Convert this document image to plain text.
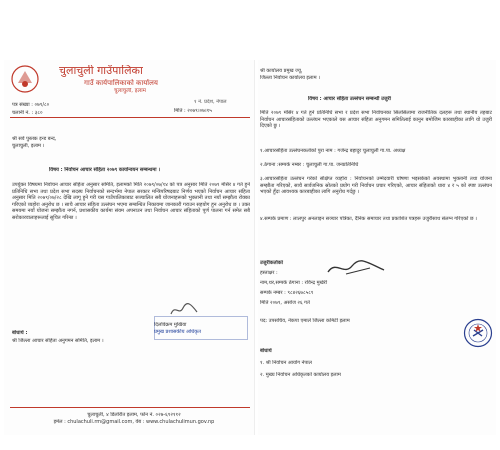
चुलाचुली गाउँपालिका
गाउँ कार्यपालिकाको कार्यालय
चुलाचुली, इलाम
१ नं. प्रदेश, नेपाल
पत्र संख्या : ०७९/८०
चलानी नं. : ३८०	मिति : २०७९।०७।१५
श्री सर्वे पुस्तक इन्ड बन्द,
चुलाचुली, इलाम ।
विषय : निर्वाचन आचार संहिता २०७९ कार्यान्वयन सम्बन्धमा ।
उपर्युक्त विषयमा निर्वाचन आचार संहिता अनुसार समिति, इलामको मिति २०७९/०७/१४ को पत्र अनुसार मिति २०७९ मंसिर ४ गते हुने प्रतिनिधि सभा तथा प्रदेश सभा सदस्य निर्वाचनको सन्दर्भमा नेपाल सरकार मन्त्रिपरिषदबाट निर्णय भएको निर्वाचन आचार संहिता अनुसार मिति २०७९/०७/२८ देखि लागू हुने गरी यस गाउँपालिकाबाट सञ्चालित सबै योजनाहरूको भुक्तानी तथा नयाँ सम्झौता रोक्का गरिएको व्यहोरा अनुरोध छ । साथै आचार संहिता उल्लंघन भएमा सम्बन्धित निकायमा जानकारी गराउन सहयोग हुन अनुरोध छ । उक्त समयमा नयाँ योजना सम्झौता नगर्न, प्रशासकीय कार्यमा संयम अपनाउन तथा निर्वाचन आचार संहिताको पूर्ण पालना गर्न समेत सबै सरोकारवालाहरूलाई सूचित गरिन्छ ।
दिलविक्रम मुखिया
प्रमुख प्रशासकीय अधिकृत
बोधार्थ :
श्री जिल्ला आचार संहिता अनुगमन समिति, इलाम ।
चुलाचुली, ४ डिलोरीत इलाम, फोन नं. ०२७-६९२११२
इमेल : chulachuli.rm@gmail.com, वेब : www.chulachulimun.gov.np
श्री कार्यालय प्रमुख ज्यू,
जिल्ला निर्वाचन कार्यालय इलाम ।
विषय : आचार संहिता उल्लंघन सम्बन्धी उजुरी
मिति २०७९ मंसिर ४ गते हुने प्रतिनिधि सभा र प्रदेश सभा निर्वाचनका सिलसिलामा राजनीतिक दलहरू तथा स्थानीय तहबाट निर्वाचन आचारसंहिताको उल्लंघन भएकाले यस आचार संहिता अनुगमन समितिलाई कानुन बमोजिम कारबाहीका लागि यो उजुरी दिएको छु ।
१.आचारसंहिता उल्लंघनकर्ताको पुरा नाम : गजेन्द्र बहादुर चुलाचुली गा.पा. अध्यक्ष
२.ठेगाना :सम्पर्क नम्बर : चुलाचुली गा.पा. जनप्रतिनिधि
३.आचारसंहिता उल्लंघन गरेको संक्षिप्त व्यहोरा : निर्वाचनको उम्मेदवारी घोषणा भइसकेको अवस्थामा भुक्तानी तथा योजना सम्झौता गरिएको, साथै सार्वजनिक स्रोतको प्रयोग गरी निर्वाचन प्रचार गरिएको, आचार संहिताको धारा ४ र ५ को स्पष्ट उल्लंघन भएको हुँदा आवश्यक कारबाहीका लागि अनुरोध गर्दछु ।
४.सम्पर्क प्रमाण : लालपुर अनलाइन सञ्चार पत्रिका, दैनिक समाचार तथा प्रकाशित पत्रहरू उजुरीसाथ संलग्न गरिएको छ ।
उजुरीकर्ताको
हस्ताक्षर :
नाम,थर,सम्पर्क ठेगाना : रविन्द्र मुखेरी
सम्पर्क नम्बर : ९८४२६७८५८९
मिति २०७९, असोज २६ गते
पद: उपसचिव, नेकपा एमाले जिल्ला कमिटी इलाम
बोधार्थ
१. श्री निर्वाचन आयोग नेपाल
२. मुख्य निर्वाचन अधिकृतको कार्यालय इलाम
